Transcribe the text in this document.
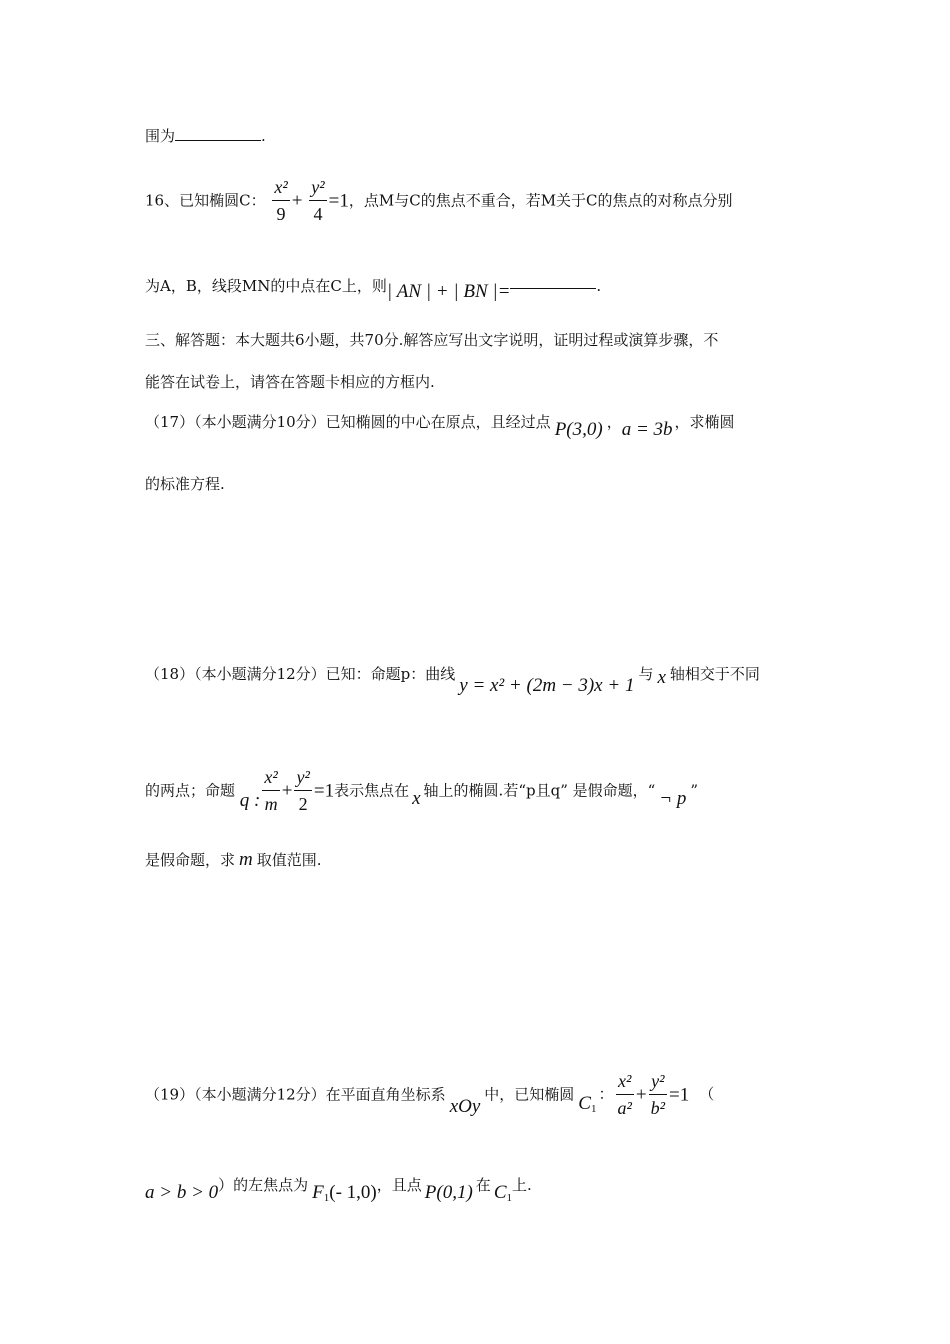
围为	.
16、已知椭圆C： $\frac{\text{x²}}{9} + \frac{\text{y²}}{4} =1$，点M与C的焦点不重合，若M关于C的焦点的对称点分别
为A，B，线段MN的中点在C上，则| AN | + | BN |=	.
三、解答题：本大题共6小题，共70分.解答应写出文字说明，证明过程或演算步骤，不
能答在试卷上，请答在答题卡相应的方框内.
（17）（本小题满分10分）已知椭圆的中心在原点，且经过点 P(3,0) ，a = 3b ，求椭圆
的标准方程.
（18）（本小题满分12分）已知：命题p：曲线y = x² + (2m − 3)x + 1与 x 轴相交于不同
的两点；命题 q : $\frac{\text{x²}}{m} + \frac{\text{y²}}{2} =1$表示焦点在 x 轴上的椭圆.若“p且q” 是假命题，“ ¬ p ”
是假命题，求 m 取值范围.
（19）（本小题满分12分）在平面直角坐标系xOy中，已知椭圆 $C_1$： $\frac{\text{x²}}{\text{a²}} + \frac{\text{y²}}{\text{b²}} =1$ （
a > b > 0）的左焦点为 $F_1(-$ 1,0)，且点 P(0,1) 在 $C_1$上.
